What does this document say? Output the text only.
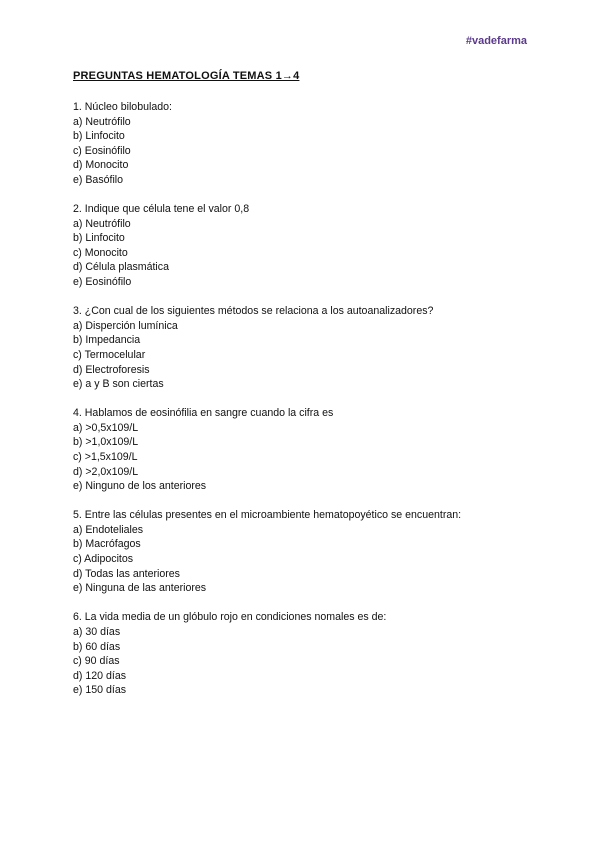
#vadefarma
PREGUNTAS HEMATOLOGÍA TEMAS 1→4
1. Núcleo bilobulado:
a) Neutrófilo
b) Linfocito
c) Eosinófilo
d) Monocito
e) Basófilo
2. Indique que célula tene el valor 0,8
a) Neutrófilo
b) Linfocito
c) Monocito
d) Célula plasmática
e) Eosinófilo
3. ¿Con cual de los siguientes métodos se relaciona a los autoanalizadores?
a) Disperción lumínica
b) Impedancia
c) Termocelular
d) Electroforesis
e) a y B son ciertas
4. Hablamos de eosinófilia en sangre cuando la cifra es
a) >0,5x109/L
b) >1,0x109/L
c) >1,5x109/L
d) >2,0x109/L
e) Ninguno de los anteriores
5. Entre las células presentes en el microambiente hematopoyético se encuentran:
a) Endoteliales
b) Macrófagos
c) Adipocitos
d) Todas las anteriores
e) Ninguna de las anteriores
6. La vida media de un glóbulo rojo en condiciones nomales es de:
a) 30 días
b) 60 días
c) 90 días
d) 120 días
e) 150 días
